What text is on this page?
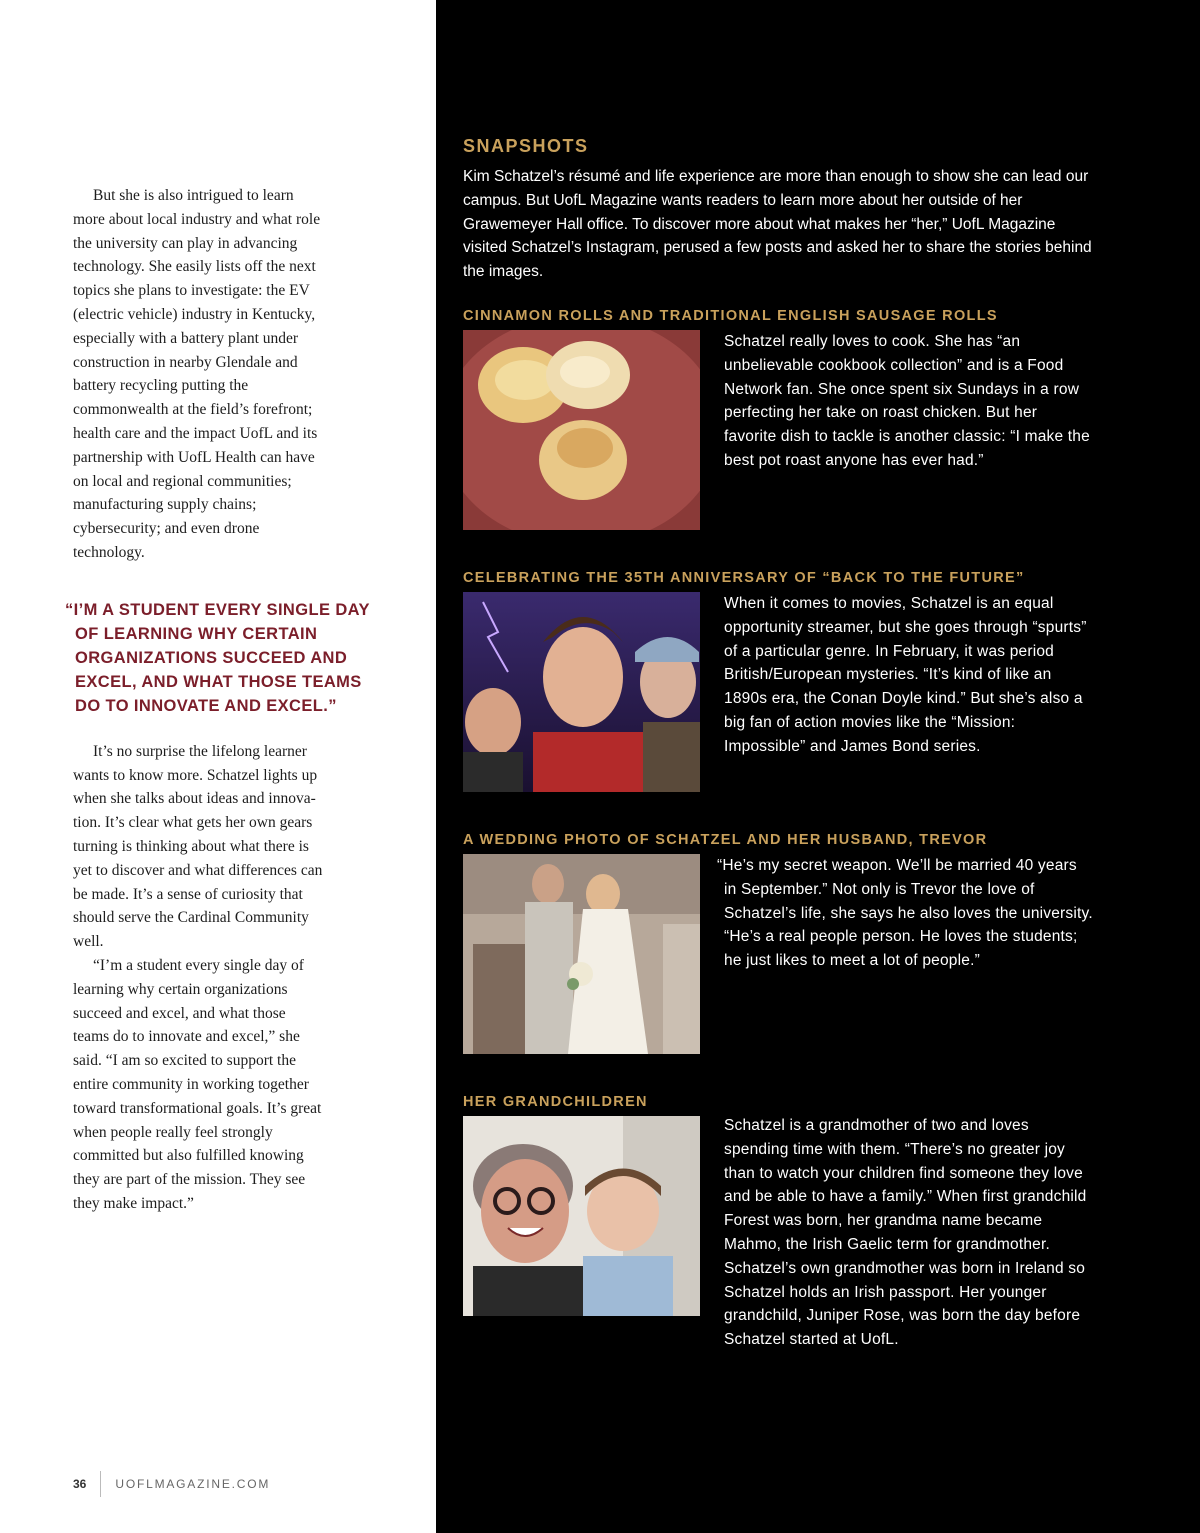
But she is also intrigued to learn more about local industry and what role the university can play in advancing technology. She easily lists off the next topics she plans to investigate: the EV (electric vehicle) industry in Kentucky, especially with a battery plant under construction in nearby Glendale and battery recycling putting the commonwealth at the field’s forefront; health care and the impact UofL and its partnership with UofL Health can have on local and regional communities; manufacturing supply chains; cybersecurity; and even drone technology.

“I’M A STUDENT EVERY SINGLE DAY OF LEARNING WHY CERTAIN ORGANIZATIONS SUCCEED AND EXCEL, AND WHAT THOSE TEAMS DO TO INNOVATE AND EXCEL.”

It’s no surprise the lifelong learner wants to know more. Schatzel lights up when she talks about ideas and innova-tion. It’s clear what gets her own gears turning is thinking about what there is yet to discover and what differences can be made. It’s a sense of curiosity that should serve the Cardinal Community well.

“I’m a student every single day of learning why certain organizations succeed and excel, and what those teams do to innovate and excel,” she said. “I am so excited to support the entire community in working together toward transformational goals. It’s great when people really feel strongly committed but also fulfilled knowing they are part of the mission. They see they make impact.”

SNAPSHOTS

Kim Schatzel’s résumé and life experience are more than enough to show she can lead our campus. But UofL Magazine wants readers to learn more about her outside of her Grawemeyer Hall office. To discover more about what makes her “her,” UofL Magazine visited Schatzel’s Instagram, perused a few posts and asked her to share the stories behind the images.

CINNAMON ROLLS AND TRADITIONAL ENGLISH SAUSAGE ROLLS

Schatzel really loves to cook. She has “an unbelievable cookbook collection” and is a Food Network fan. She once spent six Sundays in a row perfecting her take on roast chicken. But her favorite dish to tackle is another classic: “I make the best pot roast anyone has ever had.”

CELEBRATING THE 35TH ANNIVERSARY OF “BACK TO THE FUTURE”

When it comes to movies, Schatzel is an equal opportunity streamer, but she goes through “spurts” of a particular genre. In February, it was period British/European mysteries. “It’s kind of like an 1890s era, the Conan Doyle kind.” But she’s also a big fan of action movies like the “Mission: Impossible” and James Bond series.

A WEDDING PHOTO OF SCHATZEL AND HER HUSBAND, TREVOR

“He’s my secret weapon. We’ll be married 40 years in September.” Not only is Trevor the love of Schatzel’s life, she says he also loves the university. “He’s a real people person. He loves the students; he just likes to meet a lot of people.”

HER GRANDCHILDREN

Schatzel is a grandmother of two and loves spending time with them. “There’s no greater joy than to watch your children find someone they love and be able to have a family.” When first grandchild Forest was born, her grandma name became Mahmo, the Irish Gaelic term for grandmother. Schatzel’s own grandmother was born in Ireland so Schatzel holds an Irish passport. Her younger grandchild, Juniper Rose, was born the day before Schatzel started at UofL.

36 UOFLMAGAZINE.COM
